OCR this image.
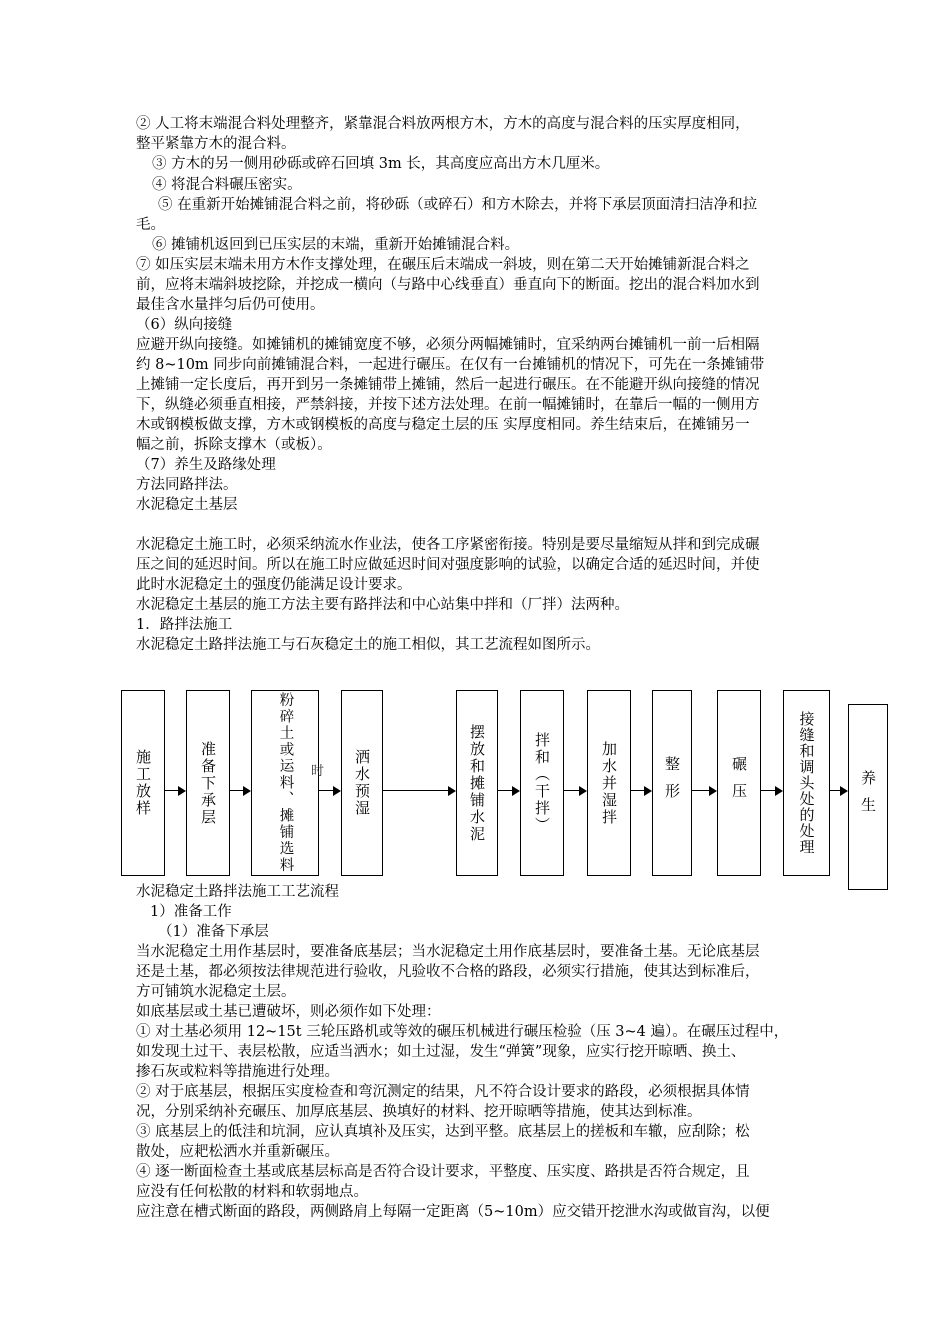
② 人工将末端混合料处理整齐，紧靠混合料放两根方木，方木的高度与混合料的压实厚度相同，
整平紧靠方木的混合料。
③ 方木的另一侧用砂砾或碎石回填 3m 长，其高度应高出方木几厘米。
④ 将混合料碾压密实。
⑤ 在重新开始摊铺混合料之前，将砂砾（或碎石）和方木除去，并将下承层顶面清扫洁净和拉
毛。
⑥ 摊铺机返回到已压实层的末端，重新开始摊铺混合料。
⑦ 如压实层末端未用方木作支撑处理，在碾压后末端成一斜坡，则在第二天开始摊铺新混合料之
前，应将末端斜坡挖除，并挖成一横向（与路中心线垂直）垂直向下的断面。挖出的混合料加水到
最佳含水量拌匀后仍可使用。
（6）纵向接缝
应避开纵向接缝。如摊铺机的摊铺宽度不够，必须分两幅摊铺时，宜采纳两台摊铺机一前一后相隔
约 8~10m 同步向前摊铺混合料，一起进行碾压。在仅有一台摊铺机的情况下，可先在一条摊铺带
上摊铺一定长度后，再开到另一条摊铺带上摊铺，然后一起进行碾压。在不能避开纵向接缝的情况
下，纵缝必须垂直相接，严禁斜接，并按下述方法处理。在前一幅摊铺时，在靠后一幅的一侧用方
木或钢模板做支撑，方木或钢模板的高度与稳定土层的压 实厚度相同。养生结束后，在摊铺另一
幅之前，拆除支撑木（或板）。
（7）养生及路缘处理
方法同路拌法。
水泥稳定土基层
水泥稳定土施工时，必须采纳流水作业法，使各工序紧密衔接。特别是要尽量缩短从拌和到完成碾
压之间的延迟时间。所以在施工时应做延迟时间对强度影响的试验，以确定合适的延迟时间，并使
此时水泥稳定土的强度仍能满足设计要求。
水泥稳定土基层的施工方法主要有路拌法和中心站集中拌和（厂拌）法两种。
1．路拌法施工
水泥稳定土路拌法施工与石灰稳定土的施工相似，其工艺流程如图所示。
施工放样	准备下承层	粉碎土或运料、摊铺选料 时 洒水预湿	摆放和摊铺水泥	拌和（干拌）	加水并湿拌	整形	碾压	接缝和调头处的处理	养生
水泥稳定土路拌法施工工艺流程
1）准备工作
（1）准备下承层
当水泥稳定土用作基层时，要准备底基层；当水泥稳定土用作底基层时，要准备土基。无论底基层
还是土基，都必须按法律规范进行验收，凡验收不合格的路段，必须实行措施，使其达到标准后，
方可铺筑水泥稳定土层。
如底基层或土基已遭破坏，则必须作如下处理：
① 对土基必须用 12~15t 三轮压路机或等效的碾压机械进行碾压检验（压 3~4 遍）。在碾压过程中，
如发现土过干、表层松散，应适当洒水；如土过湿，发生“弹簧”现象，应实行挖开晾晒、换土、
掺石灰或粒料等措施进行处理。
② 对于底基层，根据压实度检查和弯沉测定的结果，凡不符合设计要求的路段，必须根据具体情
况，分别采纳补充碾压、加厚底基层、换填好的材料、挖开晾晒等措施，使其达到标准。
③ 底基层上的低洼和坑洞，应认真填补及压实，达到平整。底基层上的搓板和车辙，应刮除；松
散处，应耙松洒水并重新碾压。
④ 逐一断面检查土基或底基层标高是否符合设计要求，平整度、压实度、路拱是否符合规定，且
应没有任何松散的材料和软弱地点。
应注意在槽式断面的路段，两侧路肩上每隔一定距离（5~10m）应交错开挖泄水沟或做盲沟，以便
